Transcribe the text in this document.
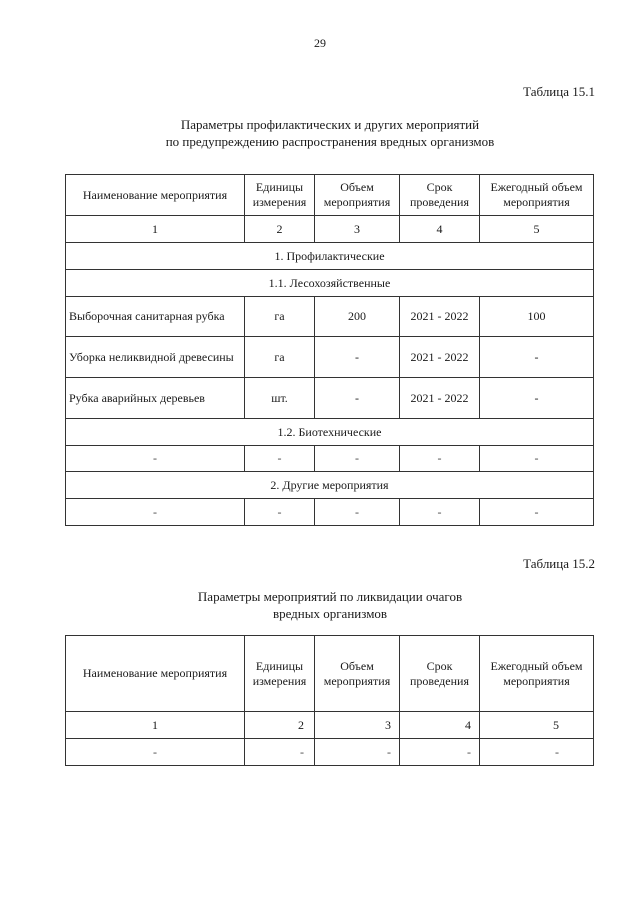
29
Таблица 15.1
Параметры профилактических и других мероприятий
по предупреждению распространения вредных организмов
Наименование мероприятия	Единицы измерения	Объем мероприятия	Срок проведения	Ежегодный объем мероприятия
1	2	3	4	5
1. Профилактические				
1.1. Лесохозяйственные				
Выборочная санитарная рубка	га	200	2021 - 2022	100
Уборка неликвидной древесины	га	-	2021 - 2022	-
Рубка аварийных деревьев	шт.	-	2021 - 2022	-
1.2. Биотехнические				
-	-	-	-	-
2. Другие мероприятия				
-	-	-	-	-
Таблица 15.2
Параметры мероприятий по ликвидации очагов
вредных организмов
Наименование мероприятия	Единицы измерения	Объем мероприятия	Срок проведения	Ежегодный объем мероприятия
1	2	3	4	5
-	-	-	-	-
